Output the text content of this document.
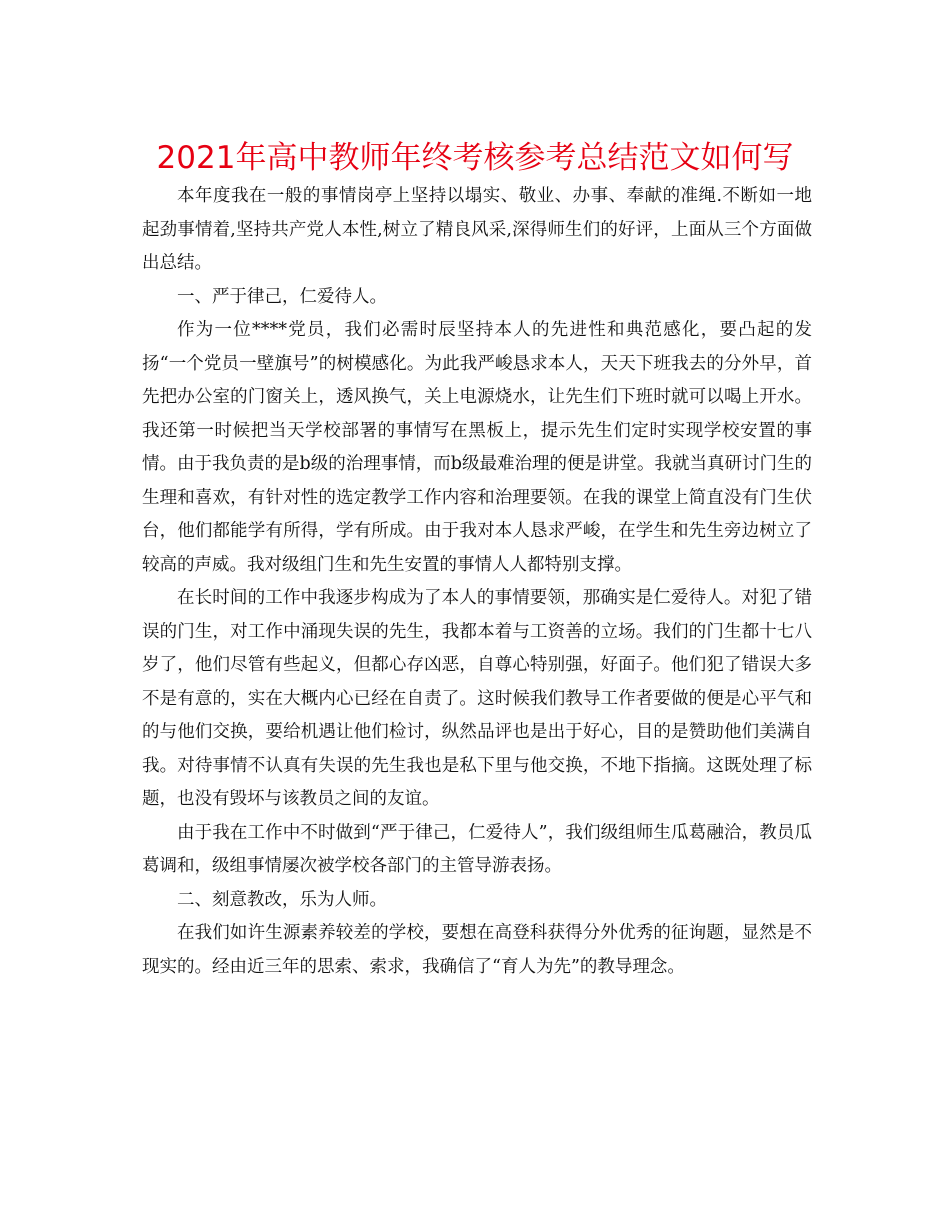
2021年高中教师年终考核参考总结范文如何写

本年度我在一般的事情岗亭上坚持以塌实、敬业、办事、奉献的准绳.不断如一地起劲事情着,坚持共产党人本性,树立了精良风采,深得师生们的好评，上面从三个方面做出总结。

一、严于律己，仁爱待人。

作为一位****党员，我们必需时辰坚持本人的先进性和典范感化，要凸起的发扬“一个党员一壁旗号”的树模感化。为此我严峻恳求本人，天天下班我去的分外早，首先把办公室的门窗关上，透风换气，关上电源烧水，让先生们下班时就可以喝上开水。我还第一时候把当天学校部署的事情写在黑板上，提示先生们定时实现学校安置的事情。由于我负责的是b级的治理事情，而b级最难治理的便是讲堂。我就当真研讨门生的生理和喜欢，有针对性的选定教学工作内容和治理要领。在我的课堂上简直没有门生伏台，他们都能学有所得，学有所成。由于我对本人恳求严峻，在学生和先生旁边树立了较高的声威。我对级组门生和先生安置的事情人人都特别支撑。

在长时间的工作中我逐步构成为了本人的事情要领，那确实是仁爱待人。对犯了错误的门生，对工作中涌现失误的先生，我都本着与工资善的立场。我们的门生都十七八岁了，他们尽管有些起义，但都心存凶恶，自尊心特别强，好面子。他们犯了错误大多不是有意的，实在大概内心已经在自责了。这时候我们教导工作者要做的便是心平气和的与他们交换，要给机遇让他们检讨，纵然品评也是出于好心，目的是赞助他们美满自我。对待事情不认真有失误的先生我也是私下里与他交换，不地下指摘。这既处理了标题，也没有毁坏与该教员之间的友谊。

由于我在工作中不时做到“严于律己，仁爱待人”，我们级组师生瓜葛融洽，教员瓜葛调和，级组事情屡次被学校各部门的主管导游表扬。

二、刻意教改，乐为人师。

在我们如许生源素养较差的学校，要想在高登科获得分外优秀的征询题，显然是不现实的。经由近三年的思索、索求，我确信了“育人为先”的教导理念。
